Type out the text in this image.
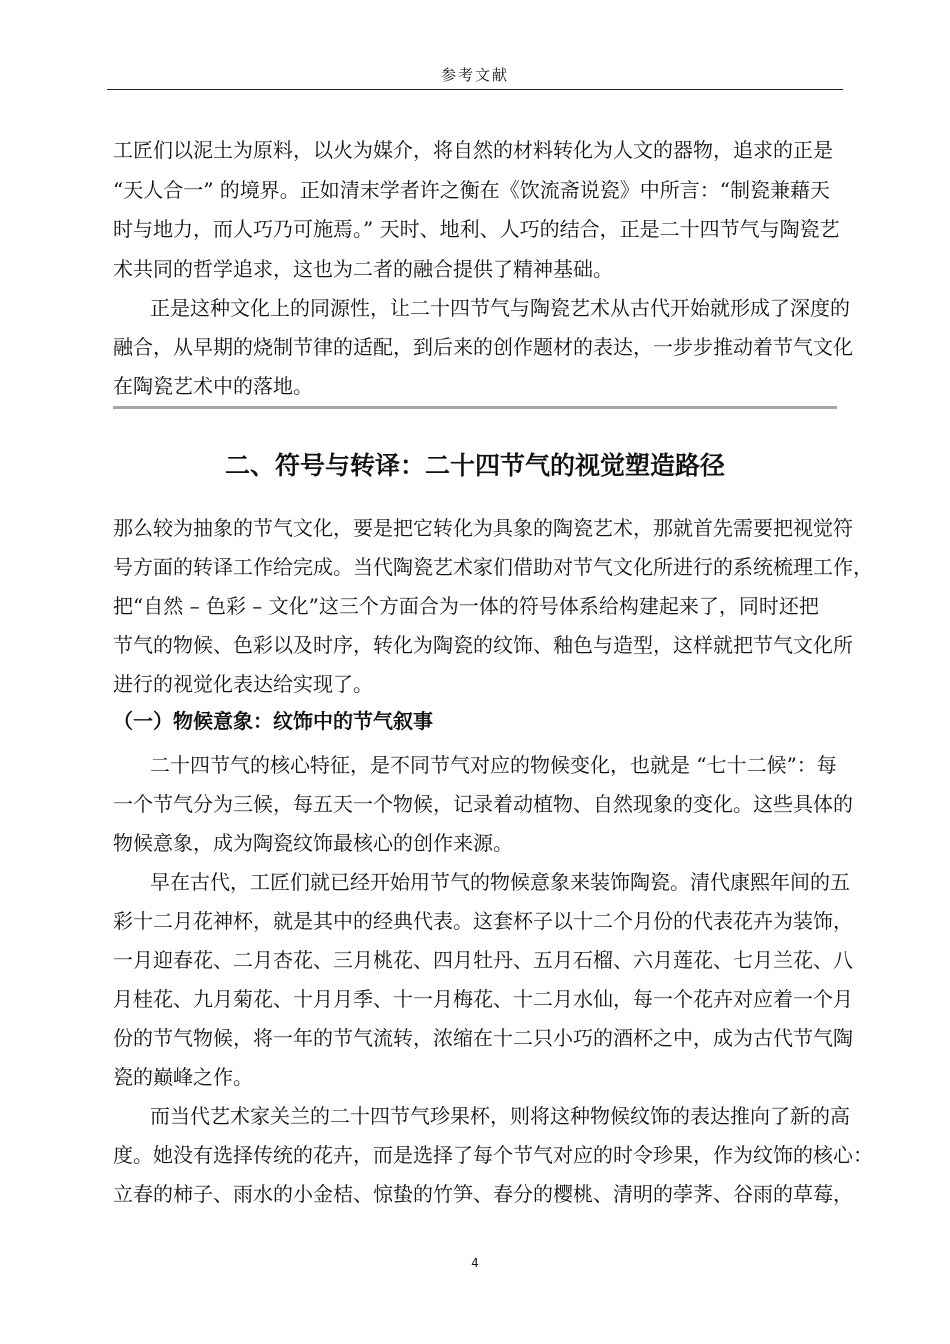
参考文献
工匠们以泥土为原料，以火为媒介，将自然的材料转化为人文的器物，追求的正是
“天人合一” 的境界。正如清末学者许之衡在《饮流斋说瓷》中所言：“制瓷兼藉天
时与地力，而人巧乃可施焉。” 天时、地利、人巧的结合，正是二十四节气与陶瓷艺
术共同的哲学追求，这也为二者的融合提供了精神基础。
正是这种文化上的同源性，让二十四节气与陶瓷艺术从古代开始就形成了深度的
融合，从早期的烧制节律的适配，到后来的创作题材的表达，一步步推动着节气文化
在陶瓷艺术中的落地。
二、符号与转译：二十四节气的视觉塑造路径
那么较为抽象的节气文化，要是把它转化为具象的陶瓷艺术，那就首先需要把视觉符
号方面的转译工作给完成。当代陶瓷艺术家们借助对节气文化所进行的系统梳理工作，
把“自然 – 色彩 – 文化”这三个方面合为一体的符号体系给构建起来了，同时还把
节气的物候、色彩以及时序，转化为陶瓷的纹饰、釉色与造型，这样就把节气文化所
进行的视觉化表达给实现了。
（一）物候意象：纹饰中的节气叙事
二十四节气的核心特征，是不同节气对应的物候变化，也就是 “七十二候”：每
一个节气分为三候，每五天一个物候，记录着动植物、自然现象的变化。这些具体的
物候意象，成为陶瓷纹饰最核心的创作来源。
早在古代，工匠们就已经开始用节气的物候意象来装饰陶瓷。清代康熙年间的五
彩十二月花神杯，就是其中的经典代表。这套杯子以十二个月份的代表花卉为装饰，
一月迎春花、二月杏花、三月桃花、四月牡丹、五月石榴、六月莲花、七月兰花、八
月桂花、九月菊花、十月月季、十一月梅花、十二月水仙，每一个花卉对应着一个月
份的节气物候，将一年的节气流转，浓缩在十二只小巧的酒杯之中，成为古代节气陶
瓷的巅峰之作。
而当代艺术家关兰的二十四节气珍果杯，则将这种物候纹饰的表达推向了新的高
度。她没有选择传统的花卉，而是选择了每个节气对应的时令珍果，作为纹饰的核心：
立春的柿子、雨水的小金桔、惊蛰的竹笋、春分的樱桃、清明的荸荠、谷雨的草莓，
4
